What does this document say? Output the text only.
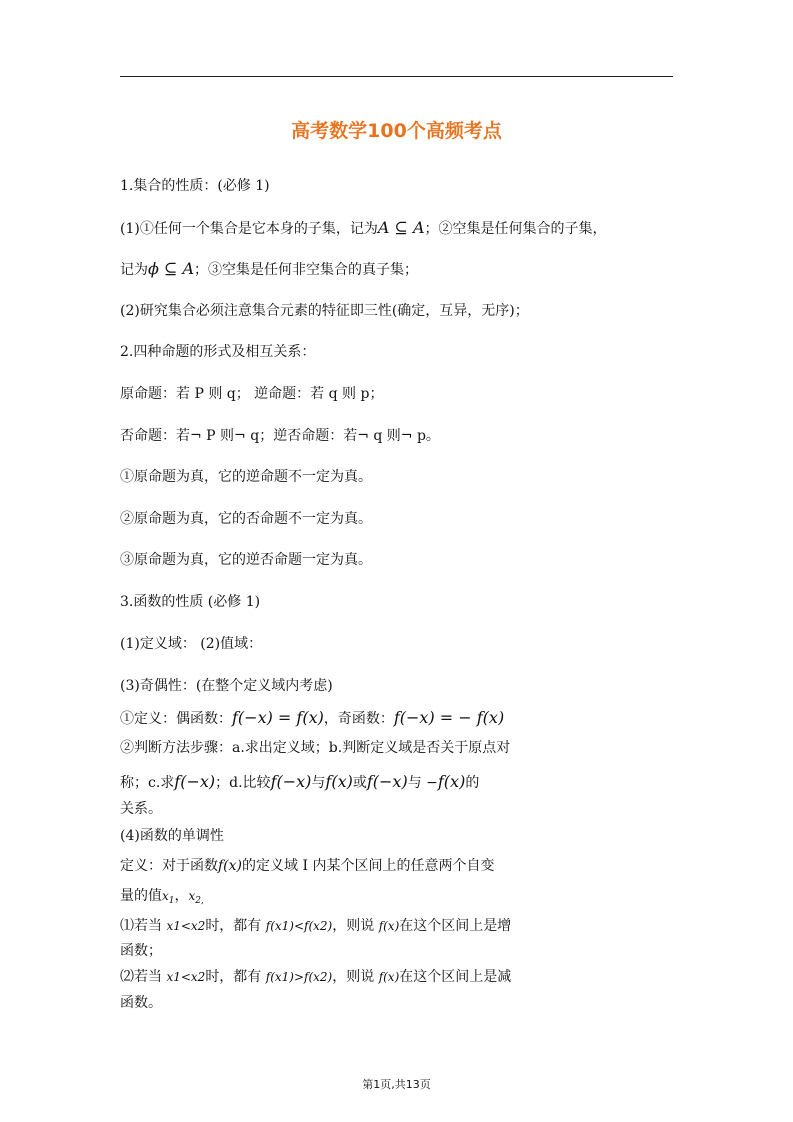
高考数学100个高频考点
1.集合的性质：(必修 1)
(1)①任何一个集合是它本身的子集，记为A ⊆ A；②空集是任何集合的子集，
记为ϕ ⊆ A；③空集是任何非空集合的真子集；
(2)研究集合必须注意集合元素的特征即三性(确定，互异，无序)；
2.四种命题的形式及相互关系：
原命题：若 P 则 q； 逆命题：若 q 则 p；
否命题：若¬ P 则¬ q；逆否命题：若¬ q 则¬ p。
①原命题为真，它的逆命题不一定为真。
②原命题为真，它的否命题不一定为真。
③原命题为真，它的逆否命题一定为真。
3.函数的性质 (必修 1)
(1)定义域： (2)值域：
(3)奇偶性：(在整个定义域内考虑)
①定义：偶函数：f(−x) = f(x)，奇函数：f(−x) = − f(x)
②判断方法步骤：a.求出定义域；b.判断定义域是否关于原点对
称；c.求f(−x)；d.比较f(−x)与f(x)或f(−x)与 −f(x)的
关系。
(4)函数的单调性
定义：对于函数f(x)的定义域 I 内某个区间上的任意两个自变
量的值$x_1$，$x_{2,}$
⑴若当 x1<x2时，都有 f(x1)<f(x2)，则说 f(x)在这个区间上是增
函数；
⑵若当 x1<x2时，都有 f(x1)>f(x2)，则说 f(x)在这个区间上是减
函数。
第1页,共13页
